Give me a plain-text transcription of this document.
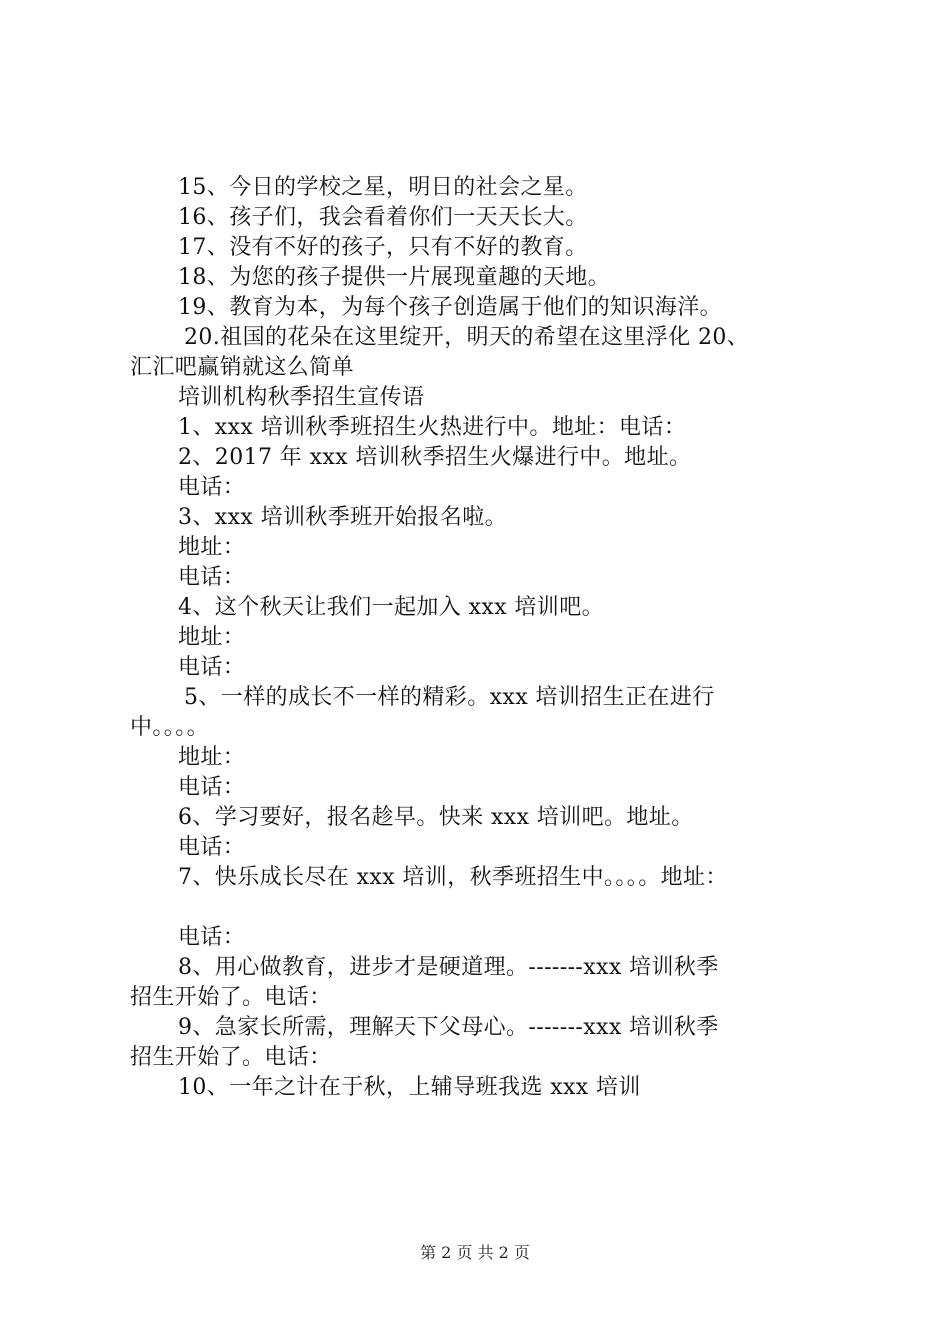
15、今日的学校之星，明日的社会之星。
16、孩子们，我会看着你们一天天长大。
17、没有不好的孩子，只有不好的教育。
18、为您的孩子提供一片展现童趣的天地。
19、教育为本，为每个孩子创造属于他们的知识海洋。
20.祖国的花朵在这里绽开，明天的希望在这里浮化 20、
汇汇吧赢销就这么简单
培训机构秋季招生宣传语
1、xxx 培训秋季班招生火热进行中。地址：电话：
2、2017 年 xxx 培训秋季招生火爆进行中。地址。
电话：
3、xxx 培训秋季班开始报名啦。
地址：
电话：
4、这个秋天让我们一起加入 xxx 培训吧。
地址：
电话：
5、一样的成长不一样的精彩。xxx 培训招生正在进行
中。。。。
地址：
电话：
6、学习要好，报名趁早。快来 xxx 培训吧。地址。
电话：
7、快乐成长尽在 xxx 培训，秋季班招生中。。。。地址：
电话：
8、用心做教育，进步才是硬道理。-------xxx 培训秋季
招生开始了。电话：
9、急家长所需，理解天下父母心。-------xxx 培训秋季
招生开始了。电话：
10、一年之计在于秋，上辅导班我选 xxx 培训
第 2 页 共 2 页
